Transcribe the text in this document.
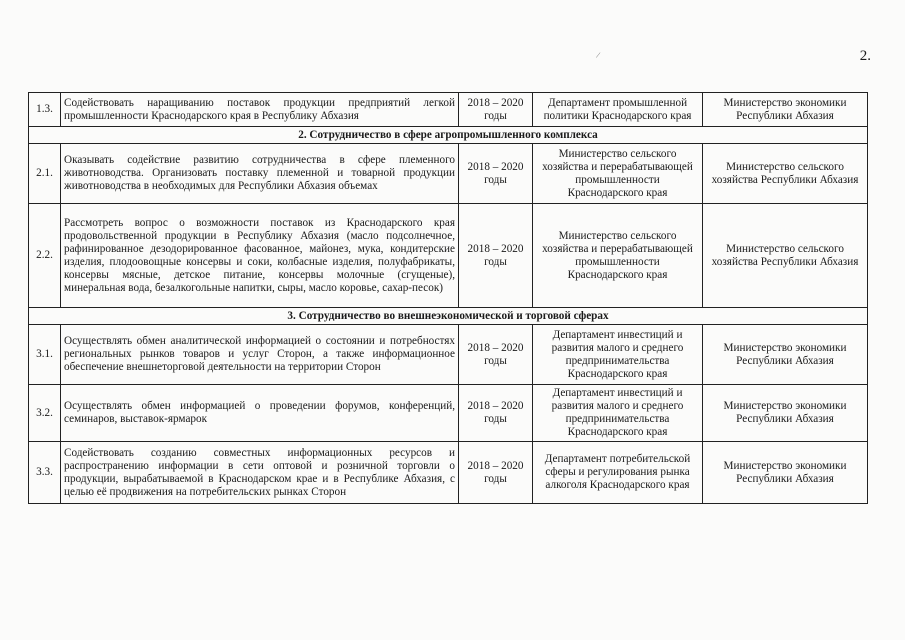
2.
/
1.3.	Содействовать наращиванию поставок продукции предприятий легкой промышленности Краснодарского края в Республику Абхазия	2018 – 2020 годы	Департамент промышленной политики Краснодарского края	Министерство экономики Республики Абхазия
2. Сотрудничество в сфере агропромышленного комплекса				
2.1.	Оказывать содействие развитию сотрудничества в сфере племенного животноводства. Организовать поставку племенной и товарной продукции животноводства в необходимых для Республики Абхазия объемах	2018 – 2020 годы	Министерство сельского хозяйства и перерабатывающей промышленности Краснодарского края	Министерство сельского хозяйства Республики Абхазия
2.2.	Рассмотреть вопрос о возможности поставок из Краснодарского края продовольственной продукции в Республику Абхазия (масло подсолнечное, рафинированное дезодорированное фасованное, майонез, мука, кондитерские изделия, плодоовощные консервы и соки, колбасные изделия, полуфабрикаты, консервы мясные, детское питание, консервы молочные (сгущеные), минеральная вода, безалкогольные напитки, сыры, масло коровье, сахар-песок)	2018 – 2020 годы	Министерство сельского хозяйства и перерабатывающей промышленности Краснодарского края	Министерство сельского хозяйства Республики Абхазия
3. Сотрудничество во внешнеэкономической и торговой сферах				
3.1.	Осуществлять обмен аналитической информацией о состоянии и потребностях региональных рынков товаров и услуг Сторон, а также информационное обеспечение внешнеторговой деятельности на территории Сторон	2018 – 2020 годы	Департамент инвестиций и развития малого и среднего предпринимательства Краснодарского края	Министерство экономики Республики Абхазия
3.2.	Осуществлять обмен информацией о проведении форумов, конференций, семинаров, выставок-ярмарок	2018 – 2020 годы	Департамент инвестиций и развития малого и среднего предпринимательства Краснодарского края	Министерство экономики Республики Абхазия
3.3.	Содействовать созданию совместных информационных ресурсов и распространению информации в сети оптовой и розничной торговли о продукции, вырабатываемой в Краснодарском крае и в Республике Абхазия, с целью её продвижения на потребительских рынках Сторон	2018 – 2020 годы	Департамент потребительской сферы и регулирования рынка алкоголя Краснодарского края	Министерство экономики Республики Абхазия
